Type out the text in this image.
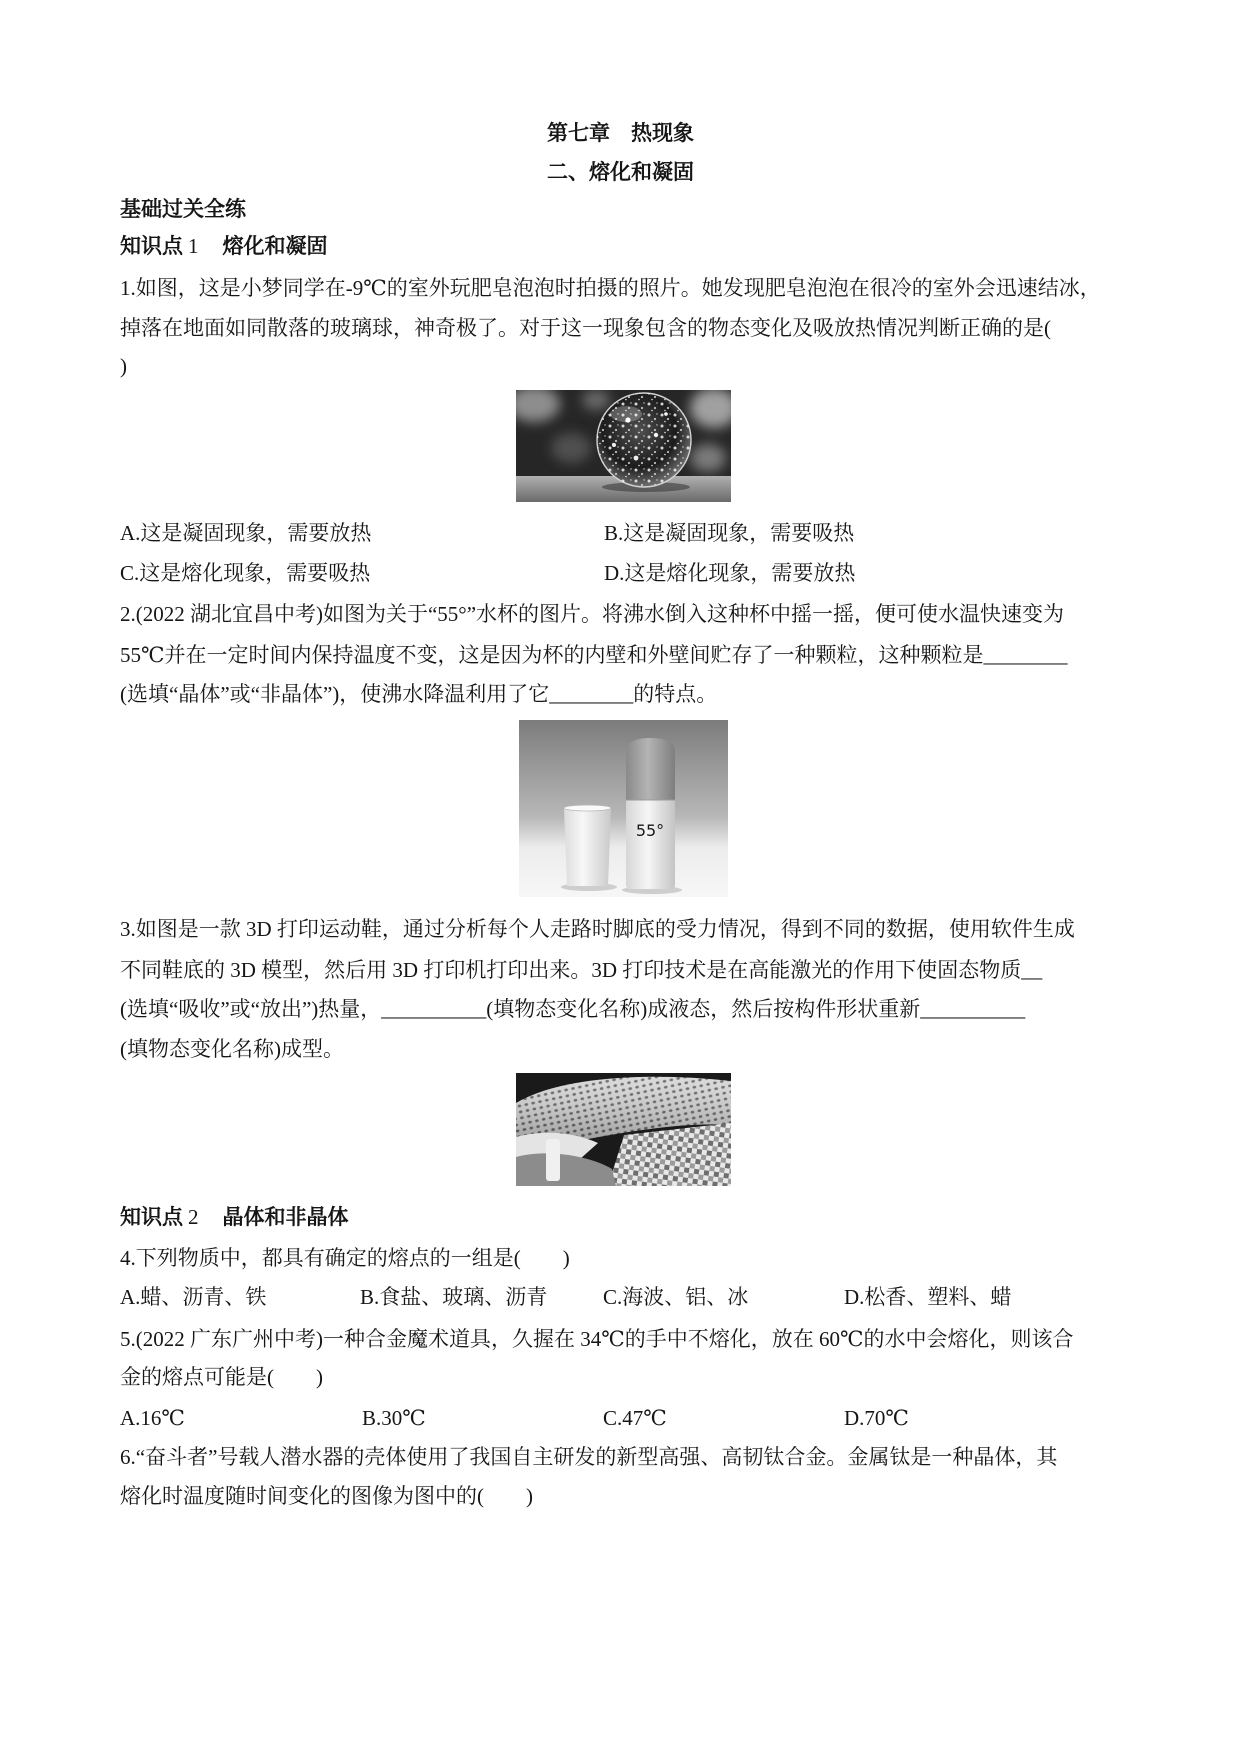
第七章　热现象
二、熔化和凝固
基础过关全练
知识点 1 熔化和凝固
1.如图，这是小梦同学在-9℃的室外玩肥皂泡泡时拍摄的照片。她发现肥皂泡泡在很冷的室外会迅速结冰，
掉落在地面如同散落的玻璃球，神奇极了。对于这一现象包含的物态变化及吸放热情况判断正确的是(
)
A.这是凝固现象，需要放热	B.这是凝固现象，需要吸热
C.这是熔化现象，需要吸热	D.这是熔化现象，需要放热
2.(2022 湖北宜昌中考)如图为关于“55°”水杯的图片。将沸水倒入这种杯中摇一摇，便可使水温快速变为
55℃并在一定时间内保持温度不变，这是因为杯的内壁和外壁间贮存了一种颗粒，这种颗粒是________
(选填“晶体”或“非晶体”)，使沸水降温利用了它________的特点。
55°
3.如图是一款 3D 打印运动鞋，通过分析每个人走路时脚底的受力情况，得到不同的数据，使用软件生成
不同鞋底的 3D 模型，然后用 3D 打印机打印出来。3D 打印技术是在高能激光的作用下使固态物质__
(选填“吸收”或“放出”)热量，__________(填物态变化名称)成液态，然后按构件形状重新__________
(填物态变化名称)成型。
知识点 2 晶体和非晶体
4.下列物质中，都具有确定的熔点的一组是(　　)
A.蜡、沥青、铁	B.食盐、玻璃、沥青	C.海波、铝、冰	D.松香、塑料、蜡
5.(2022 广东广州中考)一种合金魔术道具，久握在 34℃的手中不熔化，放在 60℃的水中会熔化，则该合
金的熔点可能是(　　)
A.16℃	B.30℃	C.47℃	D.70℃
6.“奋斗者”号载人潜水器的壳体使用了我国自主研发的新型高强、高韧钛合金。金属钛是一种晶体，其
熔化时温度随时间变化的图像为图中的(　　)
